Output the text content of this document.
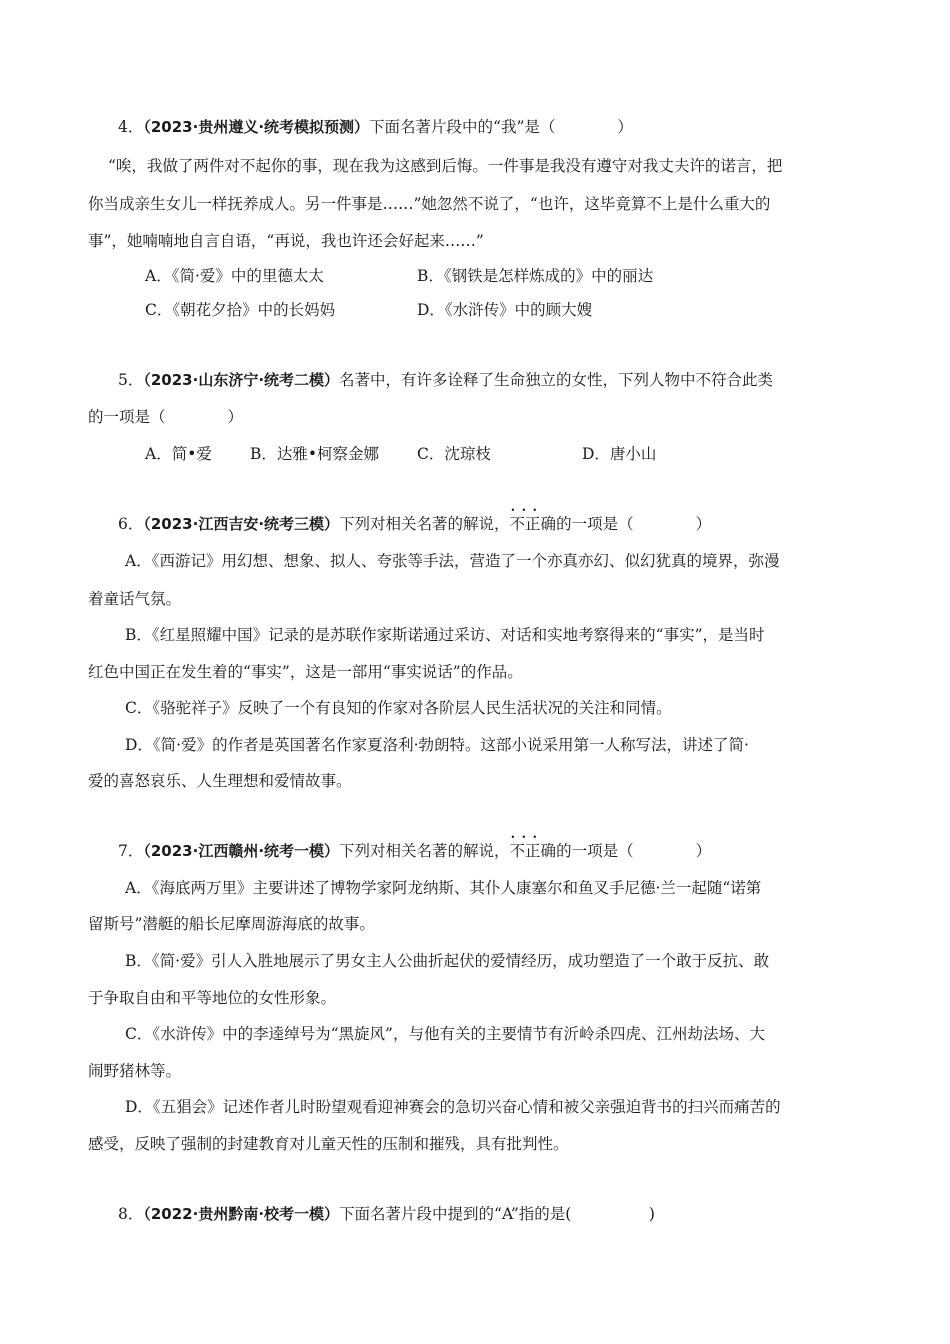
4．（2023·贵州遵义·统考模拟预测）下面名著片段中的“我”是（　　　　）
“唉，我做了两件对不起你的事，现在我为这感到后悔。一件事是我没有遵守对我丈夫许的诺言，把
你当成亲生女儿一样抚养成人。另一件事是……”她忽然不说了，“也许，这毕竟算不上是什么重大的
事”，她喃喃地自言自语，“再说，我也许还会好起来……”
A．《简·爱》中的里德太太	B．《钢铁是怎样炼成的》中的丽达
C．《朝花夕拾》中的长妈妈	D．《水浒传》中的顾大嫂
5．（2023·山东济宁·统考二模）名著中，有许多诠释了生命独立的女性，下列人物中不符合此类
的一项是（　　　　）
A．简•爱 B．达雅•柯察金娜 C．沈琼枝	D．唐小山
6．（2023·江西吉安·统考三模）下列对相关名著的解说，•  •  • 不正确的一项是（　　　　）
A．《西游记》用幻想、想象、拟人、夸张等手法，营造了一个亦真亦幻、似幻犹真的境界，弥漫
着童话气氛。
B．《红星照耀中国》记录的是苏联作家斯诺通过采访、对话和实地考察得来的“事实”，是当时
红色中国正在发生着的“事实”，这是一部用“事实说话”的作品。
C．《骆驼祥子》反映了一个有良知的作家对各阶层人民生活状况的关注和同情。
D．《简·爱》的作者是英国著名作家夏洛利·勃朗特。这部小说采用第一人称写法，讲述了简·
爱的喜怒哀乐、人生理想和爱情故事。
7．（2023·江西赣州·统考一模）下列对相关名著的解说，•  •  • 不正确的一项是（　　　　）
A．《海底两万里》主要讲述了博物学家阿龙纳斯、其仆人康塞尔和鱼叉手尼德·兰一起随“诺第
留斯号”潜艇的船长尼摩周游海底的故事。
B．《简·爱》引人入胜地展示了男女主人公曲折起伏的爱情经历，成功塑造了一个敢于反抗、敢
于争取自由和平等地位的女性形象。
C．《水浒传》中的李逵绰号为“黑旋风”，与他有关的主要情节有沂岭杀四虎、江州劫法场、大
闹野猪林等。
D．《五猖会》记述作者儿时盼望观看迎神赛会的急切兴奋心情和被父亲强迫背书的扫兴而痛苦的
感受，反映了强制的封建教育对儿童天性的压制和摧残，具有批判性。
8．（2022·贵州黔南·校考一模）下面名著片段中提到的“A”指的是(　　　　　)
